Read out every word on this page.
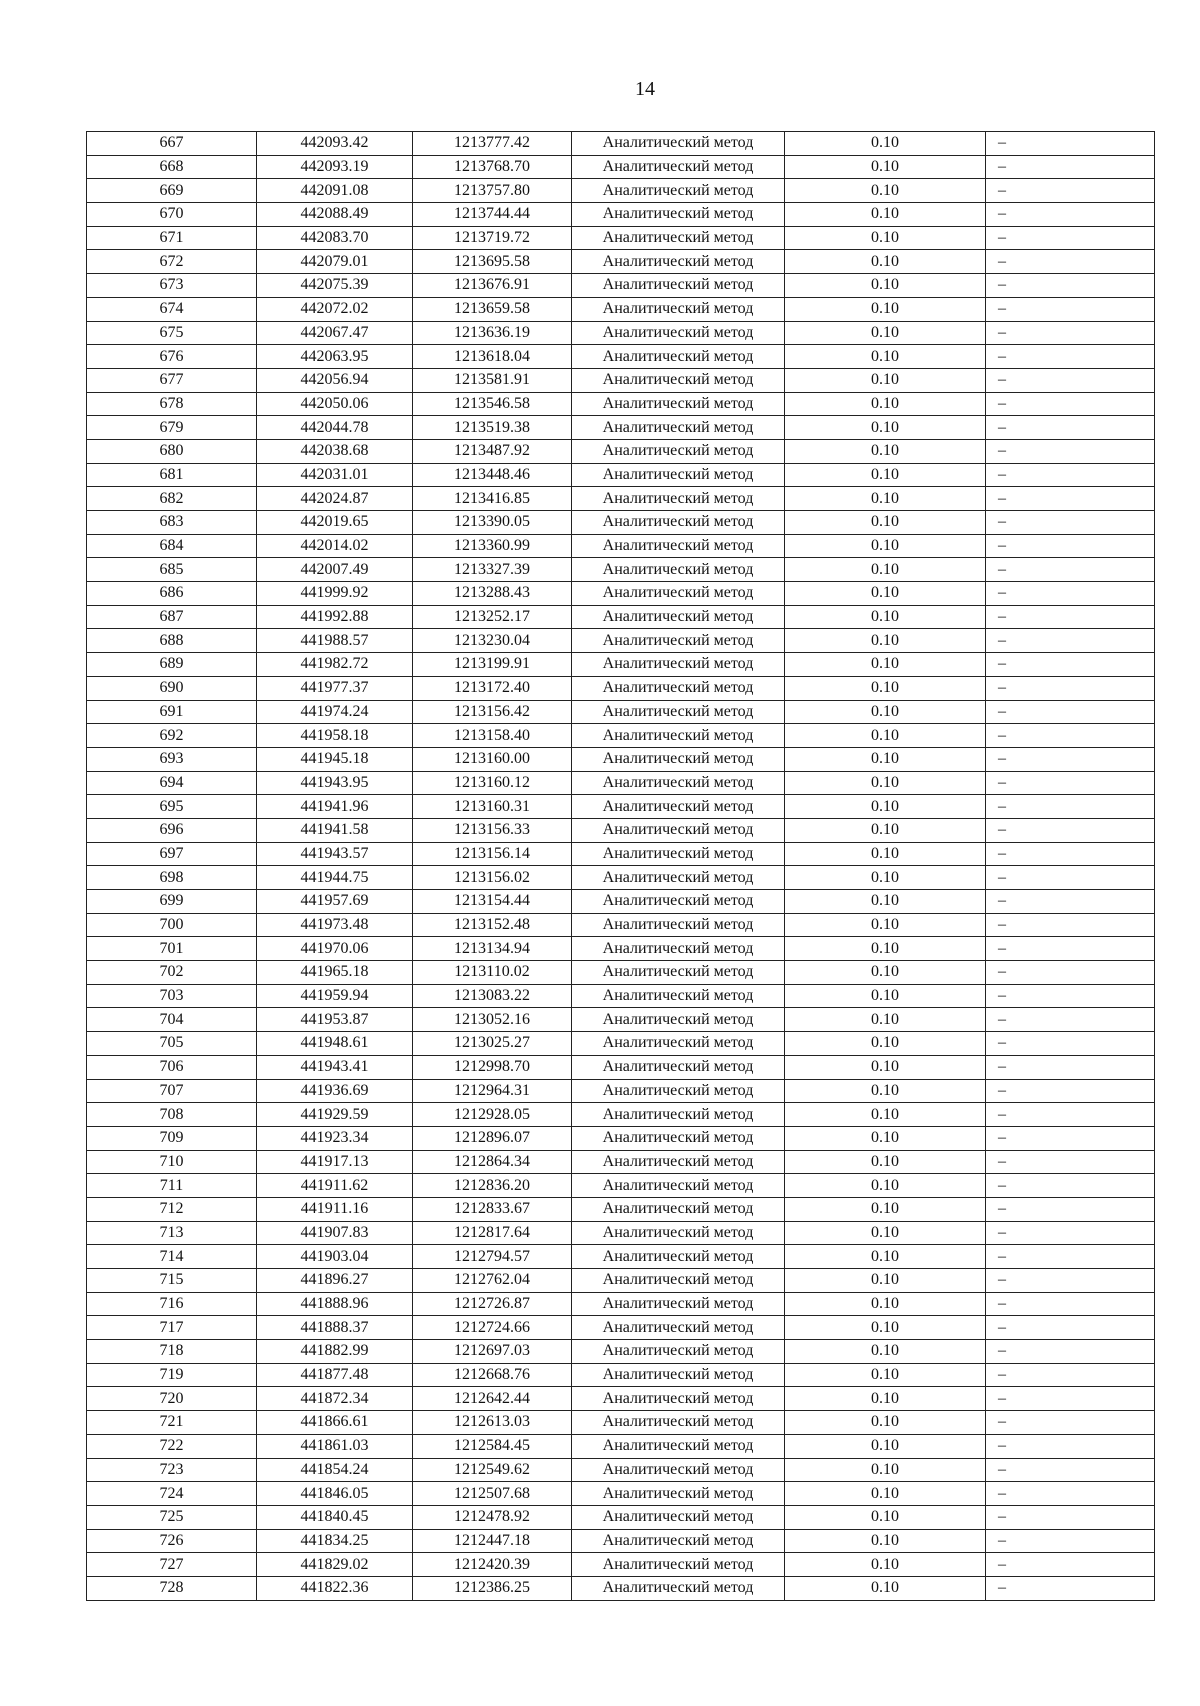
14
667	442093.42	1213777.42	Аналитический метод	0.10	–
668	442093.19	1213768.70	Аналитический метод	0.10	–
669	442091.08	1213757.80	Аналитический метод	0.10	–
670	442088.49	1213744.44	Аналитический метод	0.10	–
671	442083.70	1213719.72	Аналитический метод	0.10	–
672	442079.01	1213695.58	Аналитический метод	0.10	–
673	442075.39	1213676.91	Аналитический метод	0.10	–
674	442072.02	1213659.58	Аналитический метод	0.10	–
675	442067.47	1213636.19	Аналитический метод	0.10	–
676	442063.95	1213618.04	Аналитический метод	0.10	–
677	442056.94	1213581.91	Аналитический метод	0.10	–
678	442050.06	1213546.58	Аналитический метод	0.10	–
679	442044.78	1213519.38	Аналитический метод	0.10	–
680	442038.68	1213487.92	Аналитический метод	0.10	–
681	442031.01	1213448.46	Аналитический метод	0.10	–
682	442024.87	1213416.85	Аналитический метод	0.10	–
683	442019.65	1213390.05	Аналитический метод	0.10	–
684	442014.02	1213360.99	Аналитический метод	0.10	–
685	442007.49	1213327.39	Аналитический метод	0.10	–
686	441999.92	1213288.43	Аналитический метод	0.10	–
687	441992.88	1213252.17	Аналитический метод	0.10	–
688	441988.57	1213230.04	Аналитический метод	0.10	–
689	441982.72	1213199.91	Аналитический метод	0.10	–
690	441977.37	1213172.40	Аналитический метод	0.10	–
691	441974.24	1213156.42	Аналитический метод	0.10	–
692	441958.18	1213158.40	Аналитический метод	0.10	–
693	441945.18	1213160.00	Аналитический метод	0.10	–
694	441943.95	1213160.12	Аналитический метод	0.10	–
695	441941.96	1213160.31	Аналитический метод	0.10	–
696	441941.58	1213156.33	Аналитический метод	0.10	–
697	441943.57	1213156.14	Аналитический метод	0.10	–
698	441944.75	1213156.02	Аналитический метод	0.10	–
699	441957.69	1213154.44	Аналитический метод	0.10	–
700	441973.48	1213152.48	Аналитический метод	0.10	–
701	441970.06	1213134.94	Аналитический метод	0.10	–
702	441965.18	1213110.02	Аналитический метод	0.10	–
703	441959.94	1213083.22	Аналитический метод	0.10	–
704	441953.87	1213052.16	Аналитический метод	0.10	–
705	441948.61	1213025.27	Аналитический метод	0.10	–
706	441943.41	1212998.70	Аналитический метод	0.10	–
707	441936.69	1212964.31	Аналитический метод	0.10	–
708	441929.59	1212928.05	Аналитический метод	0.10	–
709	441923.34	1212896.07	Аналитический метод	0.10	–
710	441917.13	1212864.34	Аналитический метод	0.10	–
711	441911.62	1212836.20	Аналитический метод	0.10	–
712	441911.16	1212833.67	Аналитический метод	0.10	–
713	441907.83	1212817.64	Аналитический метод	0.10	–
714	441903.04	1212794.57	Аналитический метод	0.10	–
715	441896.27	1212762.04	Аналитический метод	0.10	–
716	441888.96	1212726.87	Аналитический метод	0.10	–
717	441888.37	1212724.66	Аналитический метод	0.10	–
718	441882.99	1212697.03	Аналитический метод	0.10	–
719	441877.48	1212668.76	Аналитический метод	0.10	–
720	441872.34	1212642.44	Аналитический метод	0.10	–
721	441866.61	1212613.03	Аналитический метод	0.10	–
722	441861.03	1212584.45	Аналитический метод	0.10	–
723	441854.24	1212549.62	Аналитический метод	0.10	–
724	441846.05	1212507.68	Аналитический метод	0.10	–
725	441840.45	1212478.92	Аналитический метод	0.10	–
726	441834.25	1212447.18	Аналитический метод	0.10	–
727	441829.02	1212420.39	Аналитический метод	0.10	–
728	441822.36	1212386.25	Аналитический метод	0.10	–
